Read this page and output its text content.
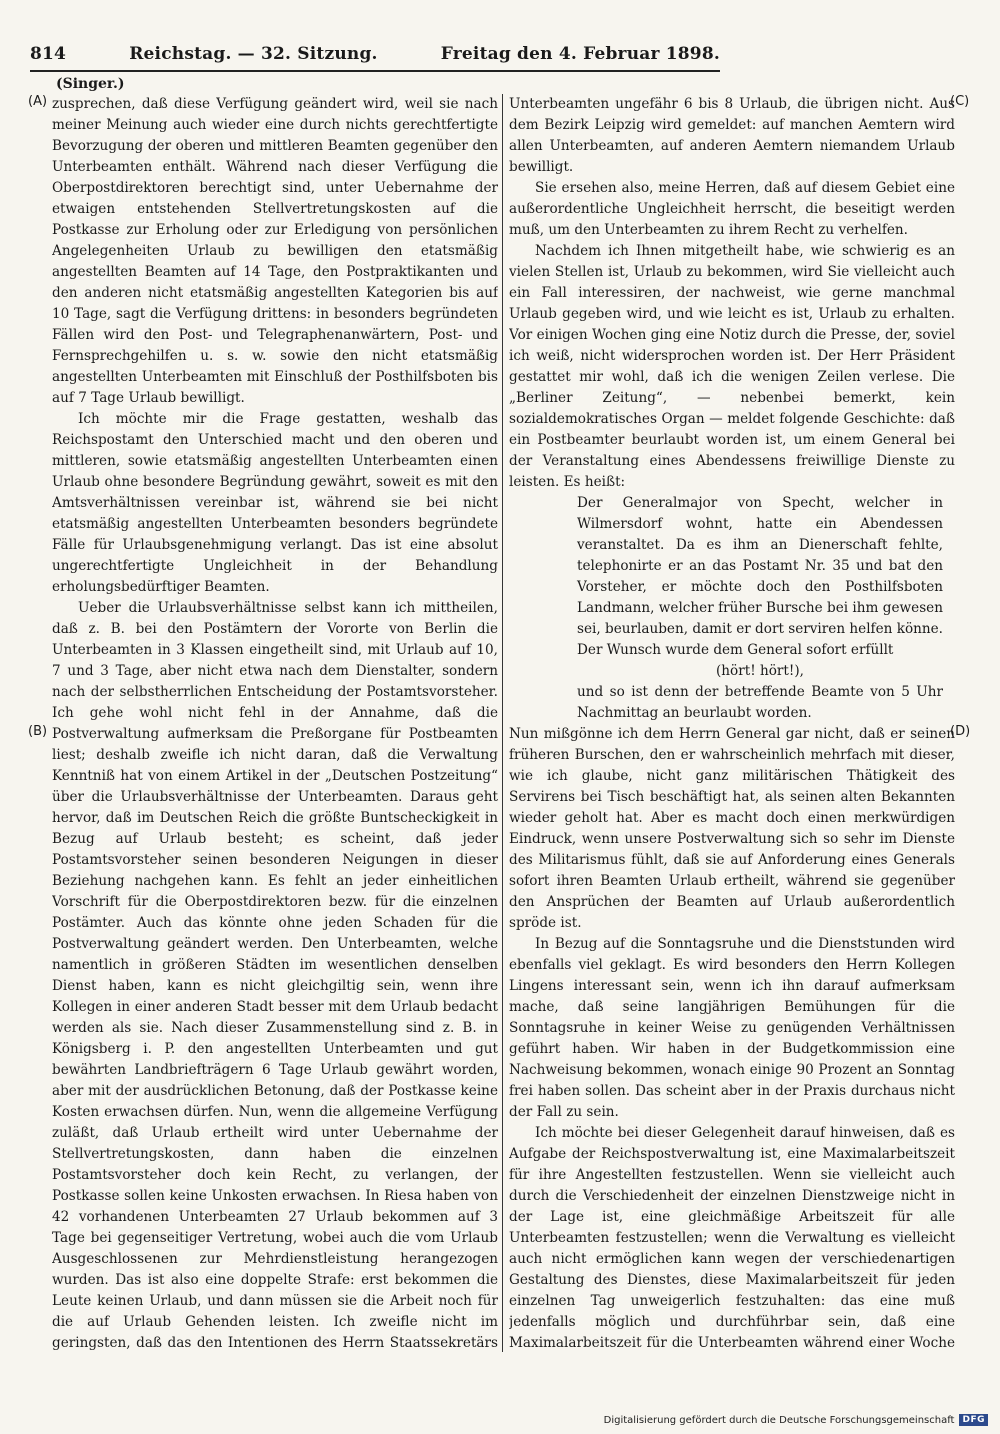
814	Reichstag. — 32. Sitzung.	Freitag den 4. Februar 1898.
(Singer.)
(A)
(B)
(C)
(D)

zusprechen, daß diese Verfügung geändert wird, weil sie nach meiner Meinung auch wieder eine durch nichts gerechtfertigte Bevorzugung der oberen und mittleren Beamten gegenüber den Unterbeamten enthält. Während nach dieser Verfügung die Oberpostdirektoren berechtigt sind, unter Uebernahme der etwaigen entstehenden Stellvertretungskosten auf die Postkasse zur Erholung oder zur Erledigung von persönlichen Angelegenheiten Urlaub zu bewilligen den etatsmäßig angestellten Beamten auf 14 Tage, den Postpraktikanten und den anderen nicht etatsmäßig angestellten Kategorien bis auf 10 Tage, sagt die Verfügung drittens: in besonders begründeten Fällen wird den Post- und Telegraphenanwärtern, Post- und Fernsprechgehilfen u. s. w. sowie den nicht etatsmäßig angestellten Unterbeamten mit Einschluß der Posthilfsboten bis auf 7 Tage Urlaub bewilligt.

Ich möchte mir die Frage gestatten, weshalb das Reichspostamt den Unterschied macht und den oberen und mittleren, sowie etatsmäßig angestellten Unterbeamten einen Urlaub ohne besondere Begründung gewährt, soweit es mit den Amtsverhältnissen vereinbar ist, während sie bei nicht etatsmäßig angestellten Unterbeamten besonders begründete Fälle für Urlaubsgenehmigung verlangt. Das ist eine absolut ungerechtfertigte Ungleichheit in der Behandlung erholungsbedürftiger Beamten.

Ueber die Urlaubsverhältnisse selbst kann ich mittheilen, daß z. B. bei den Postämtern der Vororte von Berlin die Unterbeamten in 3 Klassen eingetheilt sind, mit Urlaub auf 10, 7 und 3 Tage, aber nicht etwa nach dem Dienstalter, sondern nach der selbstherrlichen Entscheidung der Postamtsvorsteher. Ich gehe wohl nicht fehl in der Annahme, daß die Postverwaltung aufmerksam die Preßorgane für Postbeamten liest; deshalb zweifle ich nicht daran, daß die Verwaltung Kenntniß hat von einem Artikel in der „Deutschen Postzeitung“ über die Urlaubsverhältnisse der Unterbeamten. Daraus geht hervor, daß im Deutschen Reich die größte Buntscheckigkeit in Bezug auf Urlaub besteht; es scheint, daß jeder Postamtsvorsteher seinen besonderen Neigungen in dieser Beziehung nachgehen kann. Es fehlt an jeder einheitlichen Vorschrift für die Oberpostdirektoren bezw. für die einzelnen Postämter. Auch das könnte ohne jeden Schaden für die Postverwaltung geändert werden. Den Unterbeamten, welche namentlich in größeren Städten im wesentlichen denselben Dienst haben, kann es nicht gleichgiltig sein, wenn ihre Kollegen in einer anderen Stadt besser mit dem Urlaub bedacht werden als sie. Nach dieser Zusammenstellung sind z. B. in Königsberg i. P. den angestellten Unterbeamten und gut bewährten Landbriefträgern 6 Tage Urlaub gewährt worden, aber mit der ausdrücklichen Betonung, daß der Postkasse keine Kosten erwachsen dürfen. Nun, wenn die allgemeine Verfügung zuläßt, daß Urlaub ertheilt wird unter Uebernahme der Stellvertretungskosten, dann haben die einzelnen Postamtsvorsteher doch kein Recht, zu verlangen, der Postkasse sollen keine Unkosten erwachsen. In Riesa haben von 42 vorhandenen Unterbeamten 27 Urlaub bekommen auf 3 Tage bei gegenseitiger Vertretung, wobei auch die vom Urlaub Ausgeschlossenen zur Mehrdienstleistung herangezogen wurden. Das ist also eine doppelte Strafe: erst bekommen die Leute keinen Urlaub, und dann müssen sie die Arbeit noch für die auf Urlaub Gehenden leisten. Ich zweifle nicht im geringsten, daß das den Intentionen des Herrn Staatssekretärs

Unterbeamten ungefähr 6 bis 8 Urlaub, die übrigen nicht. Aus dem Bezirk Leipzig wird gemeldet: auf manchen Aemtern wird allen Unterbeamten, auf anderen Aemtern niemandem Urlaub bewilligt.

Sie ersehen also, meine Herren, daß auf diesem Gebiet eine außerordentliche Ungleichheit herrscht, die beseitigt werden muß, um den Unterbeamten zu ihrem Recht zu verhelfen.

Nachdem ich Ihnen mitgetheilt habe, wie schwierig es an vielen Stellen ist, Urlaub zu bekommen, wird Sie vielleicht auch ein Fall interessiren, der nachweist, wie gerne manchmal Urlaub gegeben wird, und wie leicht es ist, Urlaub zu erhalten. Vor einigen Wochen ging eine Notiz durch die Presse, der, soviel ich weiß, nicht widersprochen worden ist. Der Herr Präsident gestattet mir wohl, daß ich die wenigen Zeilen verlese. Die „Berliner Zeitung“, — nebenbei bemerkt, kein sozialdemokratisches Organ — meldet folgende Geschichte: daß ein Postbeamter beurlaubt worden ist, um einem General bei der Veranstaltung eines Abendessens freiwillige Dienste zu leisten. Es heißt:

Der Generalmajor von Specht, welcher in Wilmersdorf wohnt, hatte ein Abendessen veranstaltet. Da es ihm an Dienerschaft fehlte, telephonirte er an das Postamt Nr. 35 und bat den Vorsteher, er möchte doch den Posthilfsboten Landmann, welcher früher Bursche bei ihm gewesen sei, beurlauben, damit er dort serviren helfen könne. Der Wunsch wurde dem General sofort erfüllt

(hört! hört!),

und so ist denn der betreffende Beamte von 5 Uhr Nachmittag an beurlaubt worden.

Nun mißgönne ich dem Herrn General gar nicht, daß er seinen früheren Burschen, den er wahrscheinlich mehrfach mit dieser, wie ich glaube, nicht ganz militärischen Thätigkeit des Servirens bei Tisch beschäftigt hat, als seinen alten Bekannten wieder geholt hat. Aber es macht doch einen merkwürdigen Eindruck, wenn unsere Postverwaltung sich so sehr im Dienste des Militarismus fühlt, daß sie auf Anforderung eines Generals sofort ihren Beamten Urlaub ertheilt, während sie gegenüber den Ansprüchen der Beamten auf Urlaub außerordentlich spröde ist.

In Bezug auf die Sonntagsruhe und die Dienststunden wird ebenfalls viel geklagt. Es wird besonders den Herrn Kollegen Lingens interessant sein, wenn ich ihn darauf aufmerksam mache, daß seine langjährigen Bemühungen für die Sonntagsruhe in keiner Weise zu genügenden Verhältnissen geführt haben. Wir haben in der Budgetkommission eine Nachweisung bekommen, wonach einige 90 Prozent an Sonntag frei haben sollen. Das scheint aber in der Praxis durchaus nicht der Fall zu sein.

Ich möchte bei dieser Gelegenheit darauf hinweisen, daß es Aufgabe der Reichspostverwaltung ist, eine Maximalarbeitszeit für ihre Angestellten festzustellen. Wenn sie vielleicht auch durch die Verschiedenheit der einzelnen Dienstzweige nicht in der Lage ist, eine gleichmäßige Arbeitszeit für alle Unterbeamten festzustellen; wenn die Verwaltung es vielleicht auch nicht ermöglichen kann wegen der verschiedenartigen Gestaltung des Dienstes, diese Maximalarbeitszeit für jeden einzelnen Tag unweigerlich festzuhalten: das eine muß jedenfalls möglich und durchführbar sein, daß eine Maximalarbeitszeit für die Unterbeamten während einer Woche

Digitalisierung gefördert durch die Deutsche Forschungsgemeinschaft DFG
